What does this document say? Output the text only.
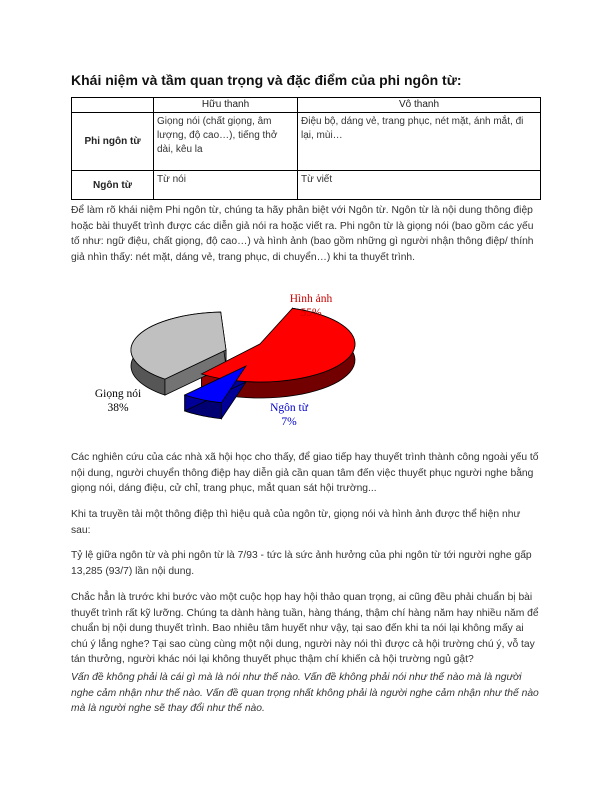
Khái niệm và tầm quan trọng và đặc điểm của phi ngôn từ:
	Hữu thanh	Vô thanh
Phi ngôn từ	Giọng nói (chất giọng, âm lượng, độ cao…), tiếng thở dài, kêu la	Điệu bộ, dáng vẻ, trang phục, nét mặt, ánh mắt, đi lại, mùi…
Ngôn từ	Từ nói	Từ viết

Để làm rõ khái niệm Phi ngôn từ, chúng ta hãy phân biệt với Ngôn từ. Ngôn từ là nội dung thông điệp hoặc bài thuyết trình được các diễn giả nói ra hoặc viết ra. Phi ngôn từ là giọng nói (bao gồm các yếu tố như: ngữ điệu, chất giọng, độ cao…) và hình ảnh (bao gồm những gì người nhận thông điệp/ thính giả nhìn thấy: nét mặt, dáng vẻ, trang phục, di chuyển…) khi ta thuyết trình.

Hình ảnh
55%
Ngôn từ
7%
Giọng nói
38%

Các nghiên cứu của các nhà xã hội học cho thấy, để giao tiếp hay thuyết trình thành công ngoài yếu tố nội dung, người chuyển thông điệp hay diễn giả cần quan tâm đến việc thuyết phục người nghe bằng giọng nói, dáng điệu, cử chỉ, trang phục, mắt quan sát hội trường...

Khi ta truyền tải một thông điệp thì hiệu quả của ngôn từ, giọng nói và hình ảnh được thể hiện như sau:

Tỷ lệ giữa ngôn từ và phi ngôn từ là 7/93 - tức là sức ảnh hưởng của phi ngôn từ tới người nghe gấp 13,285 (93/7) lần nội dung.

Chắc hẳn là trước khi bước vào một cuộc họp hay hội thảo quan trọng, ai cũng đều phải chuẩn bị bài thuyết trình rất kỹ lưỡng. Chúng ta dành hàng tuần, hàng tháng, thậm chí hàng năm hay nhiều năm để chuẩn bị nội dung thuyết trình. Bao nhiêu tâm huyết như vậy, tại sao đến khi ta nói lại không mấy ai chú ý lắng nghe? Tại sao cùng cùng một nội dung, người này nói thì được cả hội trường chú ý, vỗ tay tán thưởng, người khác nói lại không thuyết phục thậm chí khiến cả hội trường ngủ gật?

Vấn đề không phải là cái gì mà là nói như thế nào. Vấn đề không phải nói như thế nào mà là người nghe cảm nhận như thế nào. Vấn đề quan trọng nhất không phải là người nghe cảm nhận như thế nào mà là người nghe sẽ thay đổi như thế nào.
